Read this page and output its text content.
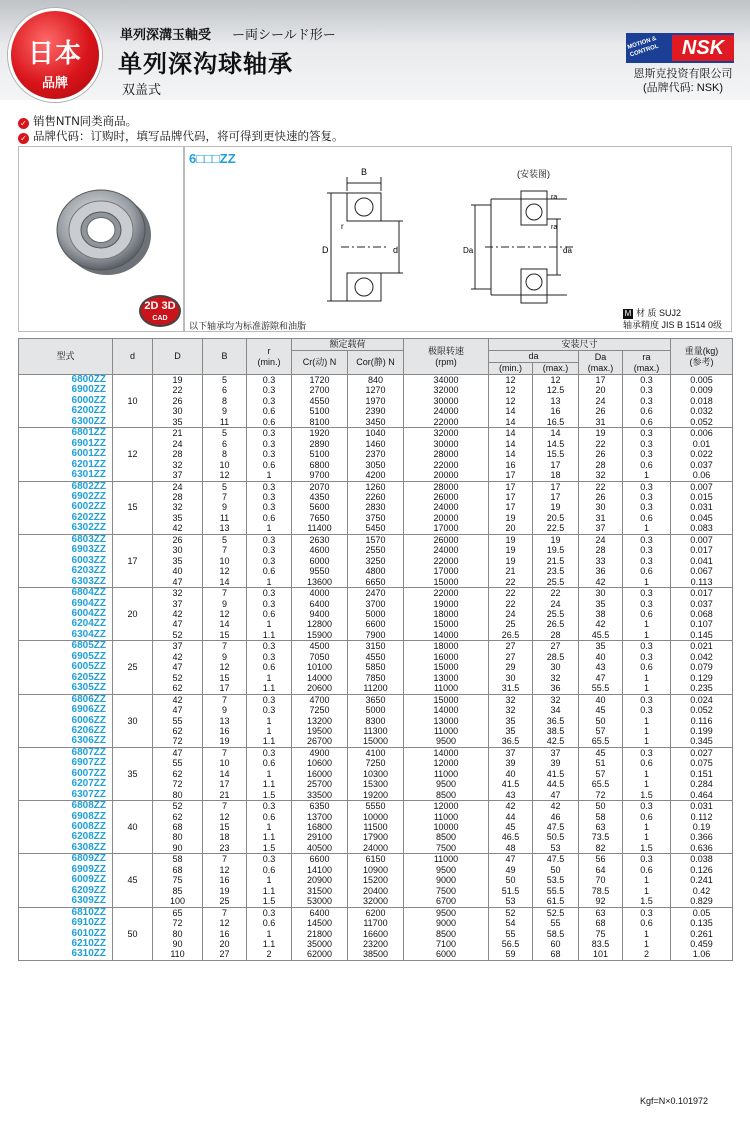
日本
品牌
単列深溝玉軸受 ー両シールド形ー
单列深沟球轴承
双盖式
MOTION & CONTROL	NSK
恩斯克投资有限公司
(品牌代码: NSK)
✓ 销售NTN同类商品。
✓ 品牌代码：订购时，填写品牌代码，将可得到更快速的答复。
2D 3D
CAD
6□□□ZZ
B
D	d
r
ra
ra
Da	da
(安装图)
以下轴承均为标准游隙和油脂
M 材 质 SUJ2
轴承精度 JIS B 1514 0级
型式	d	D	B	r
(min.)	额定载荷		极限转速
(rpm)	安装尺寸				重量(kg)
(参考)
					Cr(动) N	Cor(静) N		da		Da
(max.)	ra
(max.)	
								(min.)	(max.)			
6800ZZ	10	19	5	0.3	1720	840	34000	12	12	17	0.3	0.005
6900ZZ		22	6	0.3	2700	1270	32000	12	12.5	20	0.3	0.009
6000ZZ		26	8	0.3	4550	1970	30000	12	13	24	0.3	0.018
6200ZZ		30	9	0.6	5100	2390	24000	14	16	26	0.6	0.032
6300ZZ		35	11	0.6	8100	3450	22000	14	16.5	31	0.6	0.052
6801ZZ	12	21	5	0.3	1920	1040	32000	14	14	19	0.3	0.006
6901ZZ		24	6	0.3	2890	1460	30000	14	14.5	22	0.3	0.01
6001ZZ		28	8	0.3	5100	2370	28000	14	15.5	26	0.3	0.022
6201ZZ		32	10	0.6	6800	3050	22000	16	17	28	0.6	0.037
6301ZZ		37	12	1	9700	4200	20000	17	18	32	1	0.06
6802ZZ	15	24	5	0.3	2070	1260	28000	17	17	22	0.3	0.007
6902ZZ		28	7	0.3	4350	2260	26000	17	17	26	0.3	0.015
6002ZZ		32	9	0.3	5600	2830	24000	17	19	30	0.3	0.031
6202ZZ		35	11	0.6	7650	3750	20000	19	20.5	31	0.6	0.045
6302ZZ		42	13	1	11400	5450	17000	20	22.5	37	1	0.083
6803ZZ	17	26	5	0.3	2630	1570	26000	19	19	24	0.3	0.007
6903ZZ		30	7	0.3	4600	2550	24000	19	19.5	28	0.3	0.017
6003ZZ		35	10	0.3	6000	3250	22000	19	21.5	33	0.3	0.041
6203ZZ		40	12	0.6	9550	4800	17000	21	23.5	36	0.6	0.067
6303ZZ		47	14	1	13600	6650	15000	22	25.5	42	1	0.113
6804ZZ	20	32	7	0.3	4000	2470	22000	22	22	30	0.3	0.017
6904ZZ		37	9	0.3	6400	3700	19000	22	24	35	0.3	0.037
6004ZZ		42	12	0.6	9400	5000	18000	24	25.5	38	0.6	0.068
6204ZZ		47	14	1	12800	6600	15000	25	26.5	42	1	0.107
6304ZZ		52	15	1.1	15900	7900	14000	26.5	28	45.5	1	0.145
6805ZZ	25	37	7	0.3	4500	3150	18000	27	27	35	0.3	0.021
6905ZZ		42	9	0.3	7050	4550	16000	27	28.5	40	0.3	0.042
6005ZZ		47	12	0.6	10100	5850	15000	29	30	43	0.6	0.079
6205ZZ		52	15	1	14000	7850	13000	30	32	47	1	0.129
6305ZZ		62	17	1.1	20600	11200	11000	31.5	36	55.5	1	0.235
6806ZZ	30	42	7	0.3	4700	3650	15000	32	32	40	0.3	0.024
6906ZZ		47	9	0.3	7250	5000	14000	32	34	45	0.3	0.052
6006ZZ		55	13	1	13200	8300	13000	35	36.5	50	1	0.116
6206ZZ		62	16	1	19500	11300	11000	35	38.5	57	1	0.199
6306ZZ		72	19	1.1	26700	15000	9500	36.5	42.5	65.5	1	0.345
6807ZZ	35	47	7	0.3	4900	4100	14000	37	37	45	0.3	0.027
6907ZZ		55	10	0.6	10600	7250	12000	39	39	51	0.6	0.075
6007ZZ		62	14	1	16000	10300	11000	40	41.5	57	1	0.151
6207ZZ		72	17	1.1	25700	15300	9500	41.5	44.5	65.5	1	0.284
6307ZZ		80	21	1.5	33500	19200	8500	43	47	72	1.5	0.464
6808ZZ	40	52	7	0.3	6350	5550	12000	42	42	50	0.3	0.031
6908ZZ		62	12	0.6	13700	10000	11000	44	46	58	0.6	0.112
6008ZZ		68	15	1	16800	11500	10000	45	47.5	63	1	0.19
6208ZZ		80	18	1.1	29100	17900	8500	46.5	50.5	73.5	1	0.366
6308ZZ		90	23	1.5	40500	24000	7500	48	53	82	1.5	0.636
6809ZZ	45	58	7	0.3	6600	6150	11000	47	47.5	56	0.3	0.038
6909ZZ		68	12	0.6	14100	10900	9500	49	50	64	0.6	0.126
6009ZZ		75	16	1	20900	15200	9000	50	53.5	70	1	0.241
6209ZZ		85	19	1.1	31500	20400	7500	51.5	55.5	78.5	1	0.42
6309ZZ		100	25	1.5	53000	32000	6700	53	61.5	92	1.5	0.829
6810ZZ	50	65	7	0.3	6400	6200	9500	52	52.5	63	0.3	0.05
6910ZZ		72	12	0.6	14500	11700	9000	54	55	68	0.6	0.135
6010ZZ		80	16	1	21800	16600	8500	55	58.5	75	1	0.261
6210ZZ		90	20	1.1	35000	23200	7100	56.5	60	83.5	1	0.459
6310ZZ		110	27	2	62000	38500	6000	59	68	101	2	1.06
Kgf=N×0.101972
